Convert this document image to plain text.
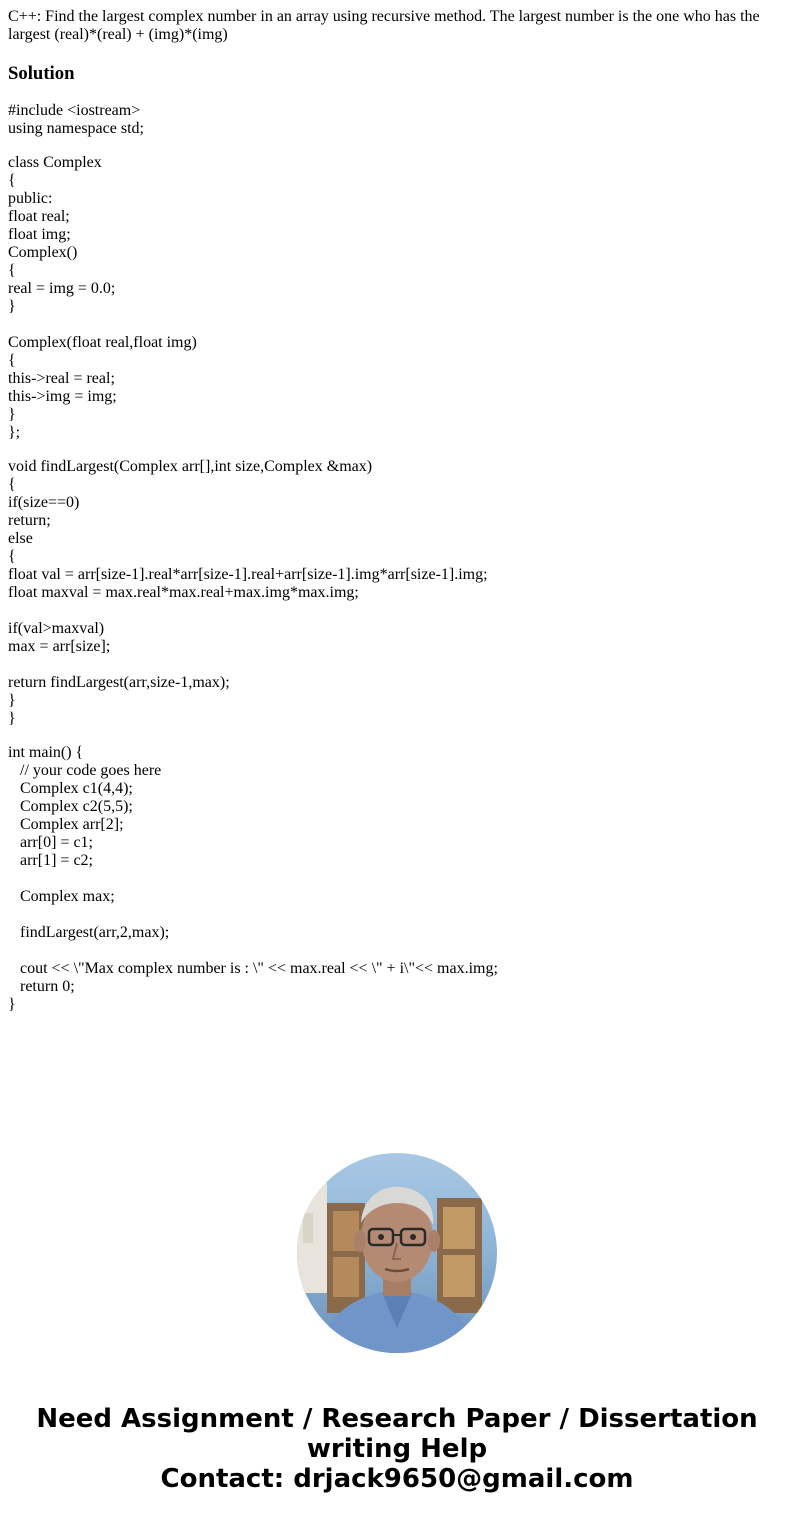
C++: Find the largest complex number in an array using recursive method. The largest number is the one who has the largest (real)*(real) + (img)*(img)

Solution
#include <iostream>
using namespace std;
class Complex
{
public:
float real;
float img;
Complex()
{
real = img = 0.0;
}
Complex(float real,float img)
{
this->real = real;
this->img = img;
}
};
void findLargest(Complex arr[],int size,Complex &max)
{
if(size==0)
return;
else
{
float val = arr[size-1].real*arr[size-1].real+arr[size-1].img*arr[size-1].img;
float maxval = max.real*max.real+max.img*max.img;
if(val>maxval)
max = arr[size];
return findLargest(arr,size-1,max);
}
}
int main() {
// your code goes here
Complex c1(4,4);
Complex c2(5,5);
Complex arr[2];
arr[0] = c1;
arr[1] = c2;
Complex max;
findLargest(arr,2,max);
cout << \"Max complex number is : \" << max.real << \" + i\"<< max.img;
return 0;
}
Need Assignment / Research Paper / Dissertation
writing Help
Contact: drjack9650@gmail.com
